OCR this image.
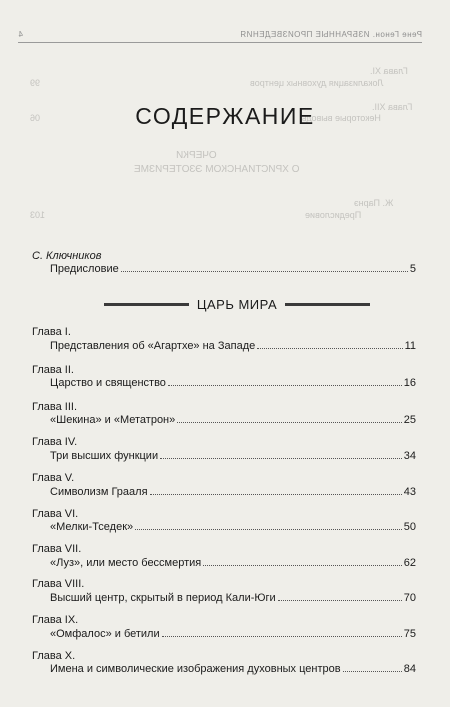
Рене Генон. ИЗБРАННЫЕ ПРОИЗВЕДЕНИЯ
4
Глава XI.
Локализация духовных центров
99
Глава XII.
Некоторые выводы
06
ОЧЕРКИ
О ХРИСТИАНСКОМ ЭЗОТЕРИЗМЕ
Ж. Парнэ
Предисловие
103
СОДЕРЖАНИЕ
С. Ключников
Предисловие	5
ЦАРЬ МИРА
Глава I.
Представления об «Агартхе» на Западе	11
Глава II.
Царство и священство	16
Глава III.
«Шекина» и «Метатрон»	25
Глава IV.
Три высших функции	34
Глава V.
Символизм Грааля	43
Глава VI.
«Мелки-Тседек»	50
Глава VII.
«Луз», или место бессмертия	62
Глава VIII.
Высший центр, скрытый в период Кали-Юги	70
Глава IX.
«Омфалос» и бетили	75
Глава X.
Имена и символические изображения духовных центров	84
